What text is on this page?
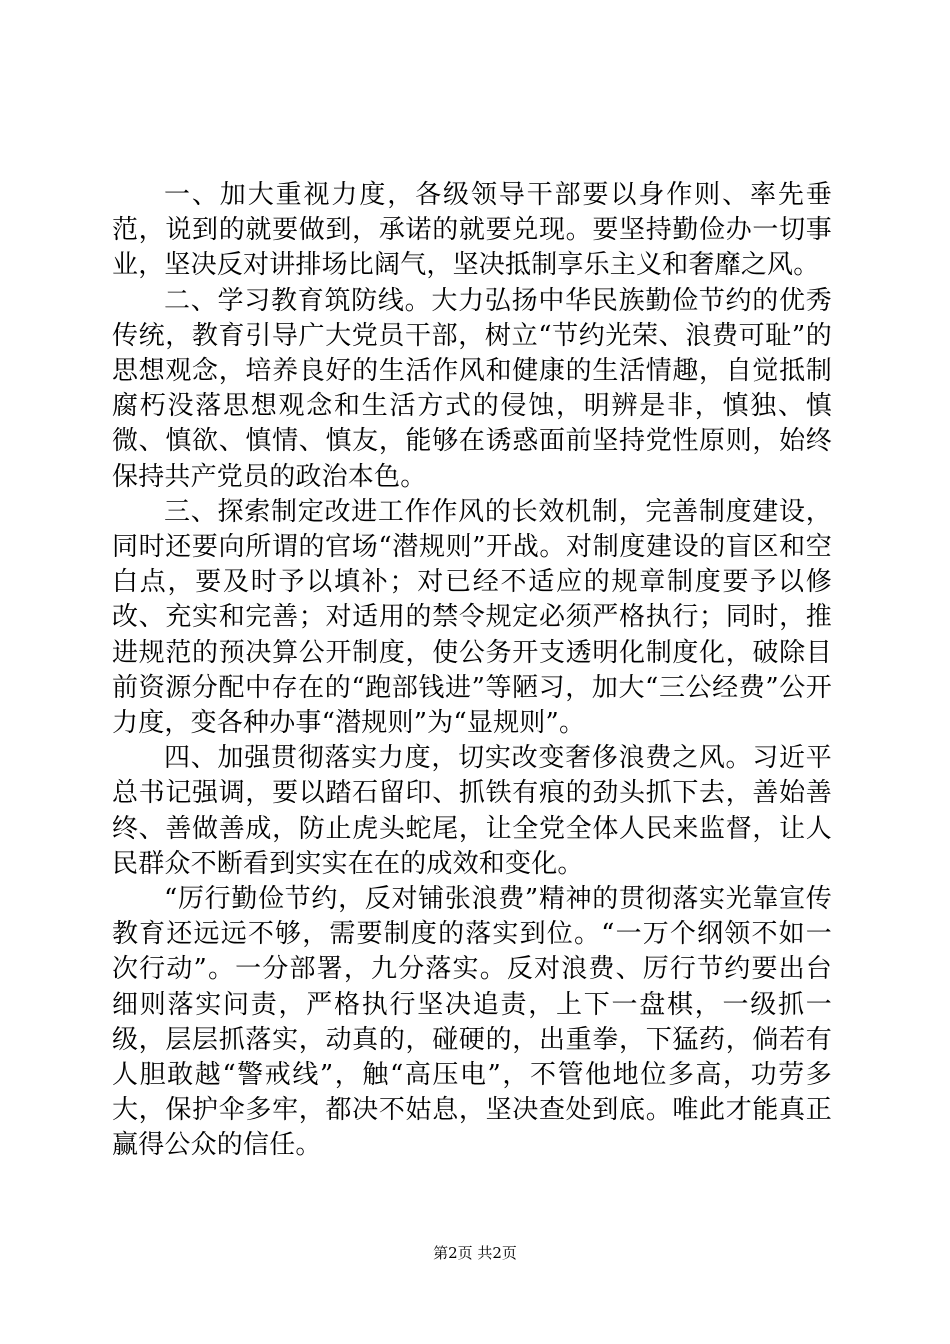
一、加大重视力度，各级领导干部要以身作则、率先垂范，说到的就要做到，承诺的就要兑现。要坚持勤俭办一切事业，坚决反对讲排场比阔气，坚决抵制享乐主义和奢靡之风。

二、学习教育筑防线。大力弘扬中华民族勤俭节约的优秀传统，教育引导广大党员干部，树立“节约光荣、浪费可耻”的思想观念，培养良好的生活作风和健康的生活情趣，自觉抵制腐朽没落思想观念和生活方式的侵蚀，明辨是非，慎独、慎微、慎欲、慎情、慎友，能够在诱惑面前坚持党性原则，始终保持共产党员的政治本色。

三、探索制定改进工作作风的长效机制，完善制度建设，同时还要向所谓的官场“潜规则”开战。对制度建设的盲区和空白点，要及时予以填补；对已经不适应的规章制度要予以修改、充实和完善；对适用的禁令规定必须严格执行；同时，推进规范的预决算公开制度，使公务开支透明化制度化，破除目前资源分配中存在的“跑部钱进”等陋习，加大“三公经费”公开力度，变各种办事“潜规则”为“显规则”。

四、加强贯彻落实力度，切实改变奢侈浪费之风。习近平总书记强调，要以踏石留印、抓铁有痕的劲头抓下去，善始善终、善做善成，防止虎头蛇尾，让全党全体人民来监督，让人民群众不断看到实实在在的成效和变化。

“厉行勤俭节约，反对铺张浪费”精神的贯彻落实光靠宣传教育还远远不够，需要制度的落实到位。“一万个纲领不如一次行动”。一分部署，九分落实。反对浪费、厉行节约要出台细则落实问责，严格执行坚决追责，上下一盘棋，一级抓一级，层层抓落实，动真的，碰硬的，出重拳，下猛药，倘若有人胆敢越“警戒线”，触“高压电”，不管他地位多高，功劳多大，保护伞多牢，都决不姑息，坚决查处到底。唯此才能真正赢得公众的信任。

第2页 共2页
